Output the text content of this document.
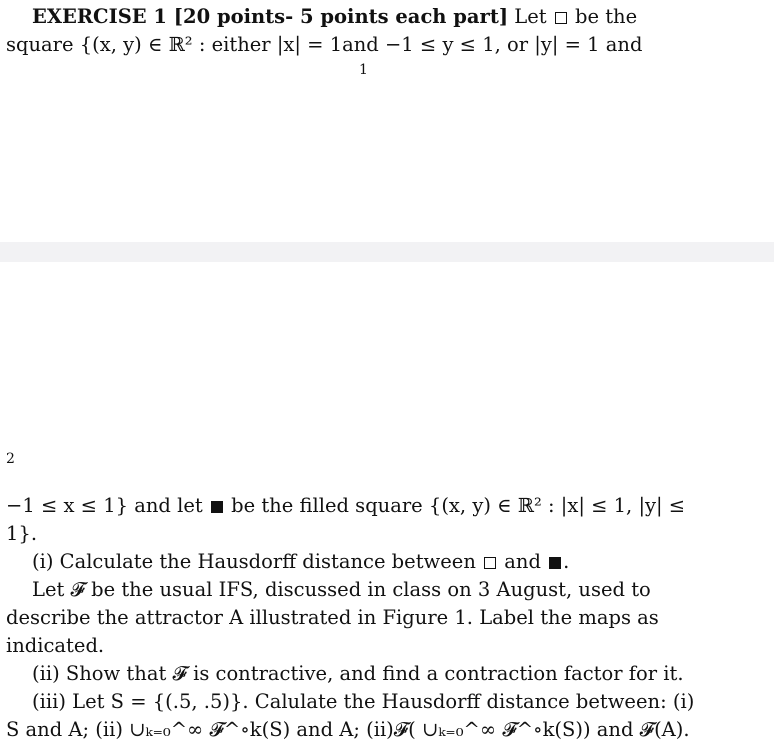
EXERCISE 1 [20 points- 5 points each part] Let be the
square {(x, y) ∈ ℝ² : either |x| = 1and −1 ≤ y ≤ 1, or |y| = 1 and
1
2
−1 ≤ x ≤ 1} and let be the filled square {(x, y) ∈ ℝ² : |x| ≤ 1, |y| ≤
1}.
(i) Calculate the Hausdorff distance between and .
Let 𝓕 be the usual IFS, discussed in class on 3 August, used to
describe the attractor A illustrated in Figure 1. Label the maps as
indicated.
(ii) Show that 𝓕 is contractive, and find a contraction factor for it.
(iii) Let S = {(.5, .5)}. Calulate the Hausdorff distance between: (i)
S and A; (ii) ∪ₖ₌₀^∞ 𝓕^∘k(S) and A; (ii)𝓕( ∪ₖ₌₀^∞ 𝓕^∘k(S)) and 𝓕(A).
